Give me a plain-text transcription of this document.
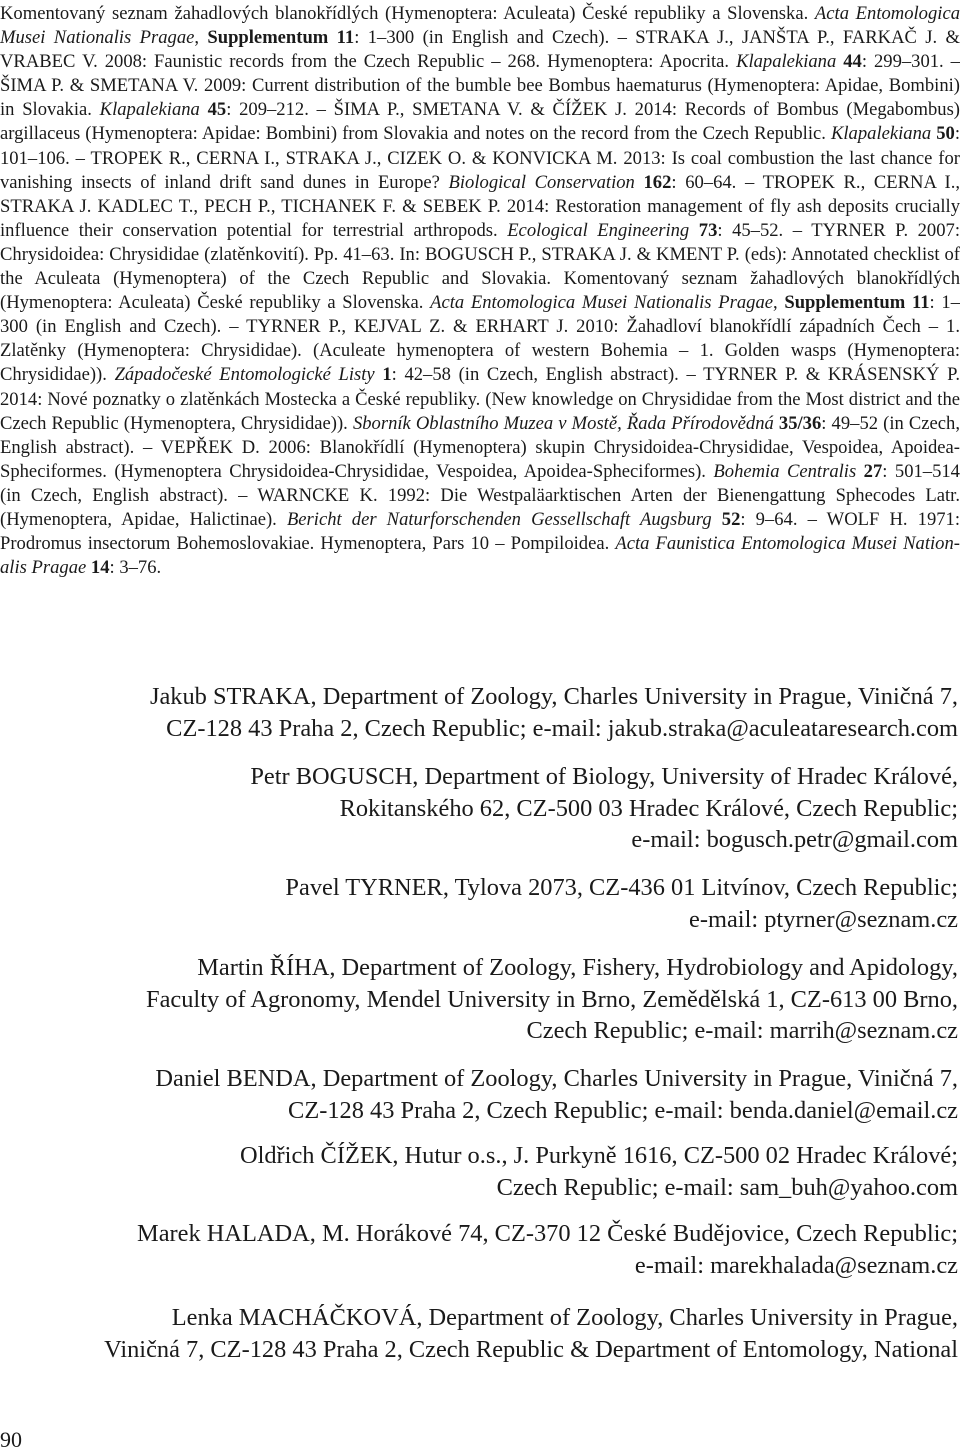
Komentovaný seznam žahadlových blanokřídlých (Hymenoptera: Aculeata) České republiky a Slovenska. Acta Entomologica Musei Nationalis Pragae, Supplementum 11: 1–300 (in English and Czech). – STRAKA J., JANŠTA P., FARKAČ J. & VRABEC V. 2008: Faunistic records from the Czech Republic – 268. Hymenoptera: Apocrita. Klapalekiana 44: 299–301. – ŠIMA P. & SMETANA V. 2009: Current distribution of the bumble bee Bombus haematurus (Hymenoptera: Apidae, Bombini) in Slovakia. Klapalekiana 45: 209–212. – ŠIMA P., SMETANA V. & ČÍŽEK J. 2014: Records of Bombus (Megabombus) argillaceus (Hymenoptera: Apidae: Bombini) from Slovakia and notes on the record from the Czech Republic. Klapalekiana 50: 101–106. – TROPEK R., CERNA I., STRAKA J., CIZEK O. & KONVICKA M. 2013: Is coal combustion the last chance for vanishing insects of inland drift sand dunes in Europe? Biological Conservation 162: 60–64. – TROPEK R., CERNA I., STRAKA J. KADLEC T., PECH P., TICHANEK F. & SEBEK P. 2014: Restoration management of fly ash deposits crucially influence their conservation potential for terrestrial arthropods. Ecological Engineering 73: 45–52. – TYRNER P. 2007: Chrysidoidea: Chrysididae (zlatěnkovití). Pp. 41–63. In: BOGUSCH P., STRAKA J. & KMENT P. (eds): Annotated checklist of the Aculeata (Hymenoptera) of the Czech Republic and Slovakia. Komentovaný seznam žahadlových blanokřídlých (Hymenoptera: Aculeata) České republiky a Slovenska. Acta Entomologica Musei Nationalis Pragae, Supplementum 11: 1–300 (in English and Czech). – TYRNER P., KEJVAL Z. & ERHART J. 2010: Žahadloví blanokřídlí západních Čech – 1. Zlatěnky (Hymenoptera: Chrysididae). (Aculeate hymenoptera of western Bohemia – 1. Golden wasps (Hymenoptera: Chrysididae)). Západočeské Entomologické Listy 1: 42–58 (in Czech, English abstract). – TYRNER P. & KRÁSENSKÝ P. 2014: Nové poznatky o zlatěnkách Mostecka a České republiky. (New knowledge on Chrysididae from the Most district and the Czech Republic (Hymenoptera, Chrysididae)). Sborník Oblastního Muzea v Mostě, Řada Přírodovědná 35/36: 49–52 (in Czech, English abstract). – VEPŘEK D. 2006: Blanokřídlí (Hymenoptera) skupin Chrysidoidea-Chrysididae, Vespoidea, Apoidea-Spheciformes. (Hymenoptera Chrysidoidea-Chrysididae, Vespoidea, Apoidea-Spheciformes). Bohemia Centralis 27: 501–514 (in Czech, English abstract). – WARNCKE K. 1992: Die Westpaläarktischen Arten der Bienengattung Sphecodes Latr. (Hymenoptera, Apidae, Halictinae). Bericht der Naturforschenden Gessellschaft Augsburg 52: 9–64. – WOLF H. 1971: Prodromus insectorum Bohemoslovakiae. Hymenoptera, Pars 10 – Pompiloidea. Acta Faunistica Entomologica Musei Nationalis Pragae 14: 3–76.
Jakub STRAKA, Department of Zoology, Charles University in Prague, Viničná 7,
CZ-128 43 Praha 2, Czech Republic; e-mail: jakub.straka@aculeataresearch.com
Petr BOGUSCH, Department of Biology, University of Hradec Králové,
Rokitanského 62, CZ-500 03 Hradec Králové, Czech Republic;
e-mail: bogusch.petr@gmail.com
Pavel TYRNER, Tylova 2073, CZ-436 01 Litvínov, Czech Republic;
e-mail: ptyrner@seznam.cz
Martin ŘÍHA, Department of Zoology, Fishery, Hydrobiology and Apidology,
Faculty of Agronomy, Mendel University in Brno, Zemědělská 1, CZ-613 00 Brno,
Czech Republic; e-mail: marrih@seznam.cz
Daniel BENDA, Department of Zoology, Charles University in Prague, Viničná 7,
CZ-128 43 Praha 2, Czech Republic; e-mail: benda.daniel@email.cz
Oldřich ČÍŽEK, Hutur o.s., J. Purkyně 1616, CZ-500 02 Hradec Králové;
Czech Republic; e-mail: sam_buh@yahoo.com
Marek HALADA, M. Horákové 74, CZ-370 12 České Budějovice, Czech Republic;
e-mail: marekhalada@seznam.cz
Lenka MACHÁČKOVÁ, Department of Zoology, Charles University in Prague,
Viničná 7, CZ-128 43 Praha 2, Czech Republic & Department of Entomology, National
90
